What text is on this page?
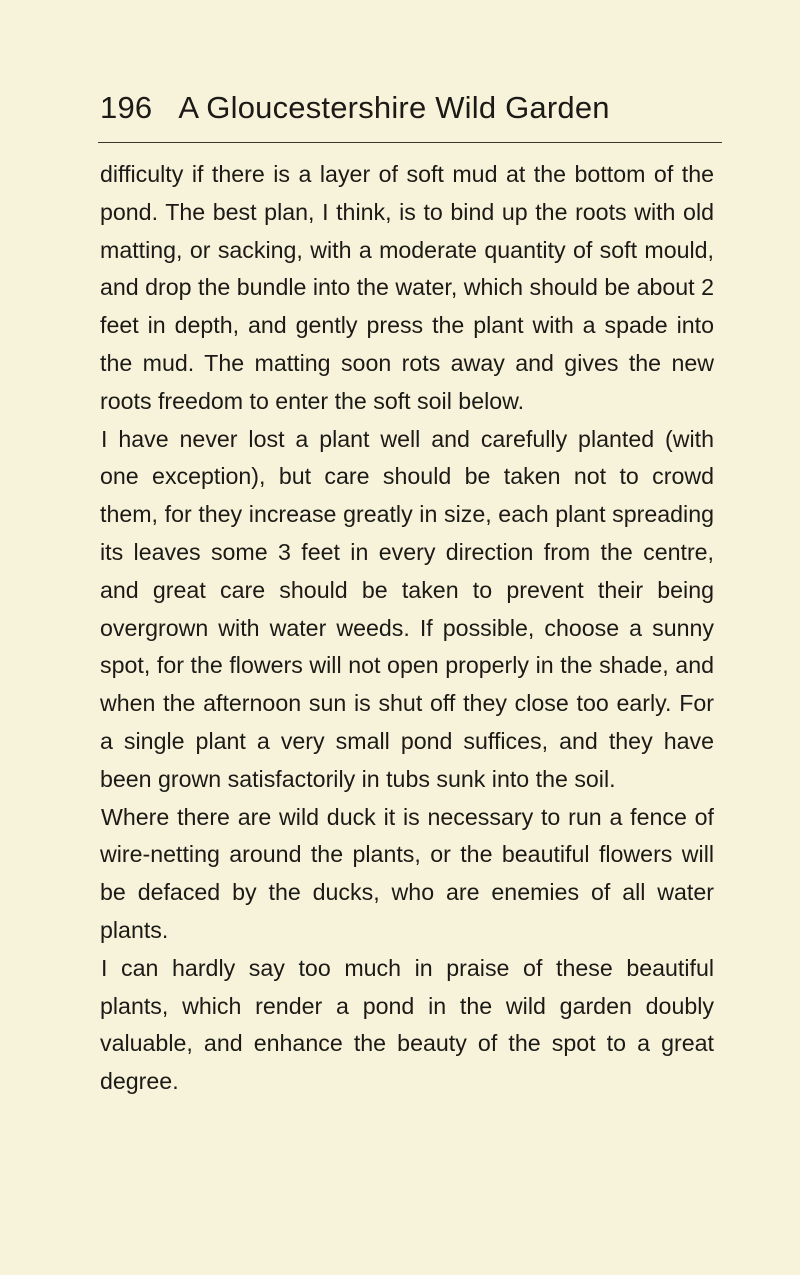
196 A Gloucestershire Wild Garden

difficulty if there is a layer of soft mud at the bottom of the pond. The best plan, I think, is to bind up the roots with old matting, or sacking, with a moderate quantity of soft mould, and drop the bundle into the water, which should be about 2 feet in depth, and gently press the plant with a spade into the mud. The matting soon rots away and gives the new roots freedom to enter the soft soil below.

I have never lost a plant well and carefully planted (with one exception), but care should be taken not to crowd them, for they increase greatly in size, each plant spreading its leaves some 3 feet in every direction from the centre, and great care should be taken to prevent their being overgrown with water weeds. If possible, choose a sunny spot, for the flowers will not open properly in the shade, and when the afternoon sun is shut off they close too early. For a single plant a very small pond suffices, and they have been grown satisfactorily in tubs sunk into the soil.

Where there are wild duck it is necessary to run a fence of wire-netting around the plants, or the beautiful flowers will be defaced by the ducks, who are enemies of all water plants.

I can hardly say too much in praise of these beautiful plants, which render a pond in the wild garden doubly valuable, and enhance the beauty of the spot to a great degree.
